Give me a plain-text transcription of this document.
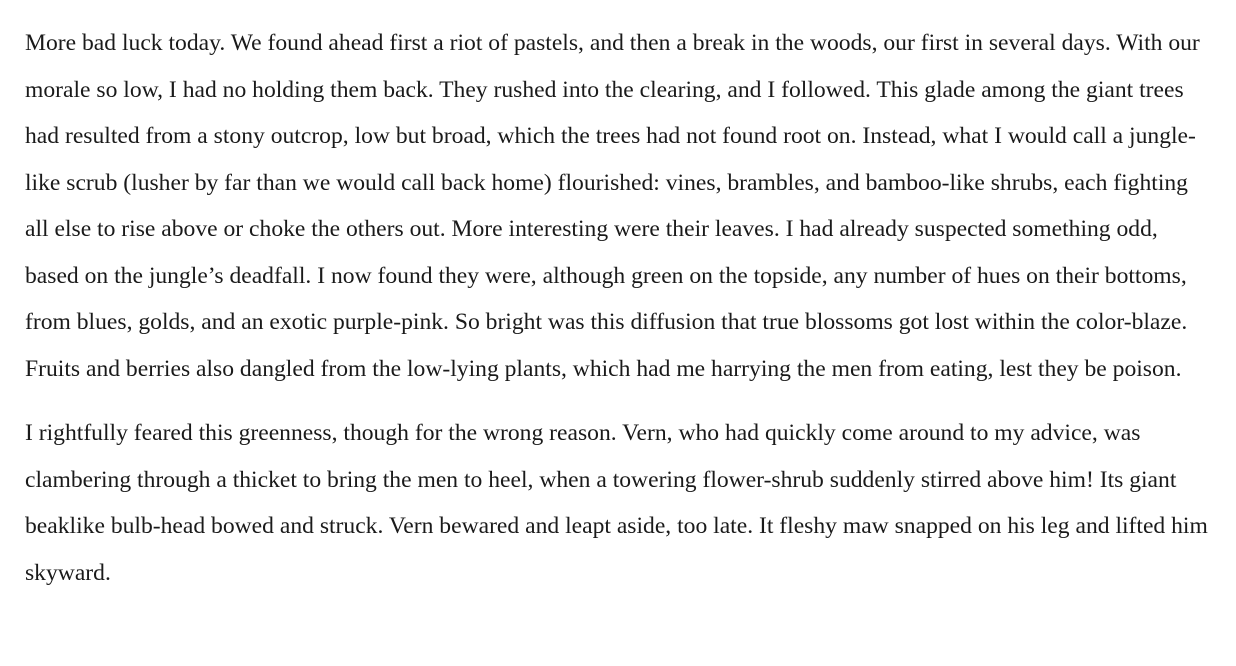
More bad luck today. We found ahead first a riot of pastels, and then a break in the woods, our first in several days. With our morale so low, I had no holding them back. They rushed into the clearing, and I followed. This glade among the giant trees had resulted from a stony outcrop, low but broad, which the trees had not found root on. Instead, what I would call a jungle-like scrub (lusher by far than we would call back home) flourished: vines, brambles, and bamboo-like shrubs, each fighting all else to rise above or choke the others out. More interesting were their leaves. I had already suspected something odd, based on the jungle’s deadfall. I now found they were, although green on the topside, any number of hues on their bottoms, from blues, golds, and an exotic purple-pink. So bright was this diffusion that true blossoms got lost within the color-blaze. Fruits and berries also dangled from the low-lying plants, which had me harrying the men from eating, lest they be poison.

I rightfully feared this greenness, though for the wrong reason. Vern, who had quickly come around to my advice, was clambering through a thicket to bring the men to heel, when a towering flower-shrub suddenly stirred above him! Its giant beaklike bulb-head bowed and struck. Vern bewared and leapt aside, too late. It fleshy maw snapped on his leg and lifted him skyward.
